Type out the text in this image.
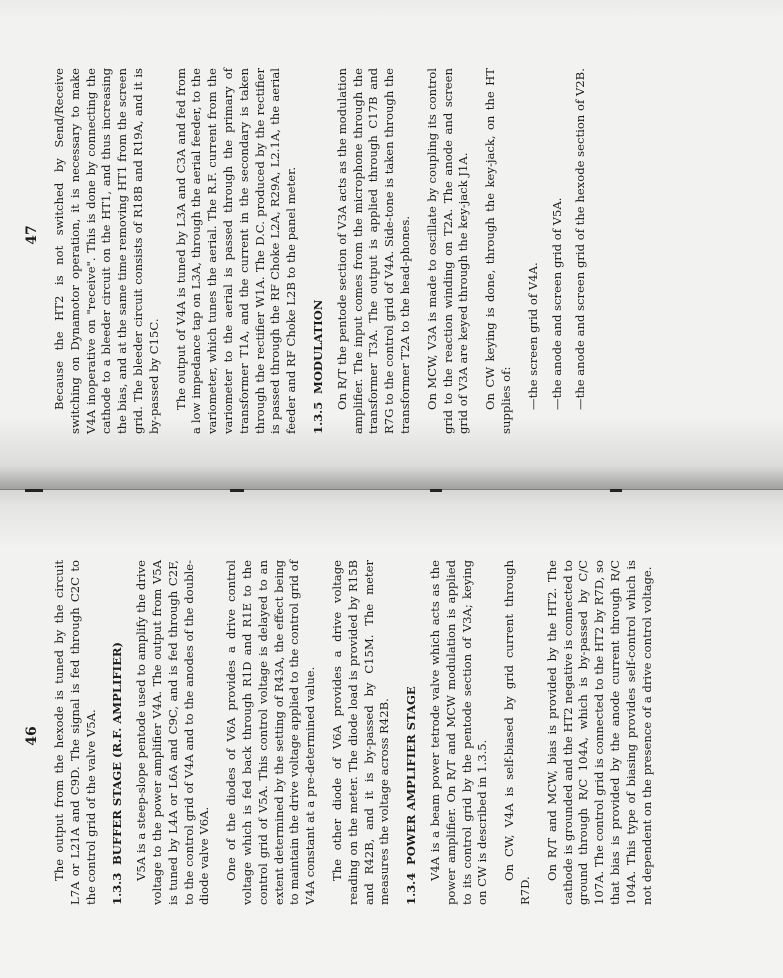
46 The output from the hexode is tuned by the circuit L7A or L21A and C9D. The signal is fed through C2C to the control grid of the valve V5A. 1.3.3BUFFER STAGE (R.F. AMPLIFIER) V5A is a steep-slope pentode used to amplify the drive voltage to the power amplifier V4A. The output from V5A is tuned by L4A or L6A and C9C, and is fed through C2F, to the control grid of V4A and to the anodes of the double-diode valve V6A. One of the diodes of V6A provides a drive control voltage which is fed back through R1D and R1E to the control grid of V5A. This control voltage is delayed to an extent determined by the setting of R43A, the effect being to maintain the drive voltage applied to the control grid of V4A constant at a pre-determined value. The other diode of V6A provides a drive voltage reading on the meter. The diode load is provided by R15B and R42B, and it is by-passed by C15M. The meter measures the voltage across R42B. 1.3.4POWER AMPLIFIER STAGE V4A is a beam power tetrode valve which acts as the power amplifier. On R/T and MCW modulation is applied to its control grid by the pentode section of V3A; keying on CW is described in 1.3.5. On CW, V4A is self-biased by grid current through R7D.

On R/T and MCW, bias is provided by the HT2. The cathode is grounded and the HT2 negative is connected to ground through R/C 104A, which is by-passed by C/C 107A. The control grid is connected to the HT2 by R7D, so that bias is provided by the anode current through R/C 104A. This type of biasing provides self-control which is not dependent on the presence of a drive control voltage.

47 Because the HT2 is not switched by Send/Receive switching on Dynamotor operation, it is necessary to make V4A inoperative on "receive". This is done by connecting the cathode to a bleeder circuit on the HT1, and thus increasing the bias, and at the same time removing HT1 from the screen grid. The bleeder circuit consists of R18B and R19A, and it is by-passed by C15C. The output of V4A is tuned by L3A and C3A and fed from a low impedance tap on L3A, through the aerial feeder, to the variometer, which tunes the aerial. The R.F. current from the variometer to the aerial is passed through the primary of transformer T1A, and the current in the secondary is taken through the rectifier W1A. The D.C. produced by the rectifier is passed through the RF Choke L2A, R29A, L2.1A, the aerial feeder and RF Choke L2B to the panel meter. 1.3.5MODULATION On R/T the pentode section of V3A acts as the modulation amplifier. The input comes from the microphone through the transformer T3A. The output is applied through C17B and R7G to the control grid of V4A. Side-tone is taken through the transformer T2A to the head-phones. On MCW, V3A is made to oscillate by coupling its control grid to the reaction winding on T2A. The anode and screen grid of V3A are keyed through the key-jack J1A. On CW keying is done, through the key-jack, on the HT supplies of: —the screen grid of V4A. —the anode and screen grid of V5A. —the anode and screen grid of the hexode section of V2B.
